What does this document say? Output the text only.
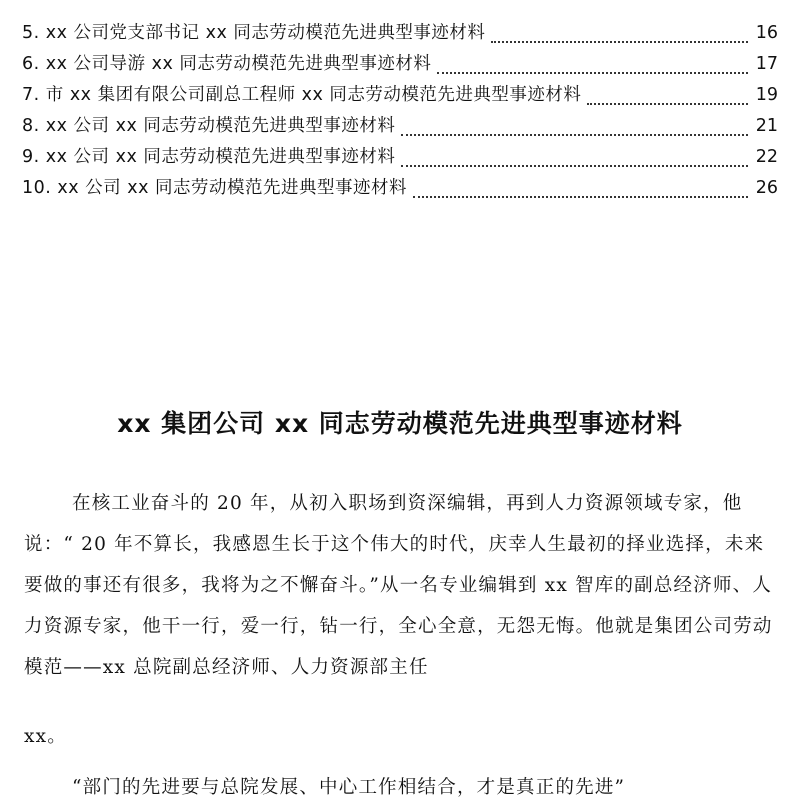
5. xx 公司党支部书记 xx 同志劳动模范先进典型事迹材料	16
6. xx 公司导游 xx 同志劳动模范先进典型事迹材料	17
7. 市 xx 集团有限公司副总工程师 xx 同志劳动模范先进典型事迹材料	19
8. xx 公司 xx 同志劳动模范先进典型事迹材料	21
9. xx 公司 xx 同志劳动模范先进典型事迹材料	22
10. xx 公司 xx 同志劳动模范先进典型事迹材料	26
xx 集团公司 xx 同志劳动模范先进典型事迹材料

在核工业奋斗的 20 年，从初入职场到资深编辑，再到人力资源领域专家，他说：“ 20 年不算长，我感恩生长于这个伟大的时代，庆幸人生最初的择业选择，未来要做的事还有很多，我将为之不懈奋斗。”从一名专业编辑到 xx 智库的副总经济师、人力资源专家，他干一行，爱一行，钻一行，全心全意，无怨无悔。他就是集团公司劳动模范——xx 总院副总经济师、人力资源部主任

xx。

“部门的先进要与总院发展、中心工作相结合，才是真正的先进”
